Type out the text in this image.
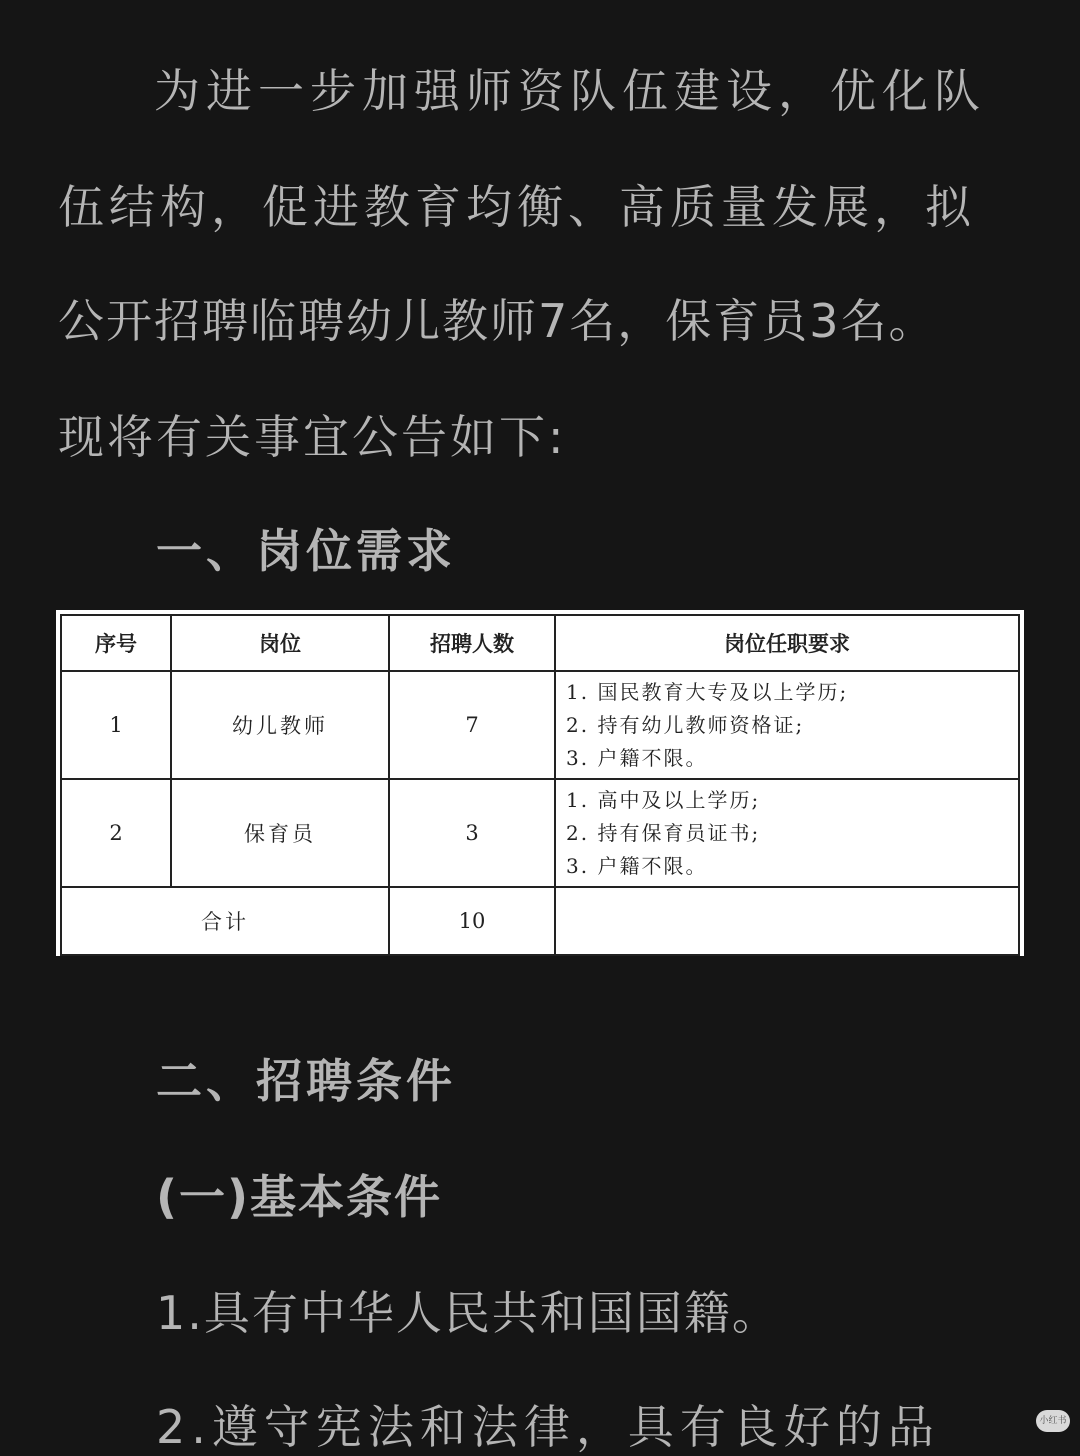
为进一步加强师资队伍建设，优化队
伍结构，促进教育均衡、高质量发展，拟
公开招聘临聘幼儿教师7名，保育员3名。
现将有关事宜公告如下:
一、岗位需求
序号	岗位	招聘人数	岗位任职要求
1	幼儿教师	7	1. 国民教育大专及以上学历;
2. 持有幼儿教师资格证;
3. 户籍不限。

2	保育员	3	1. 高中及以上学历;
2. 持有保育员证书;
3. 户籍不限。

合计		10	
二、招聘条件
(一)基本条件
1.具有中华人民共和国国籍。
2.遵守宪法和法律，具有良好的品	小红书
